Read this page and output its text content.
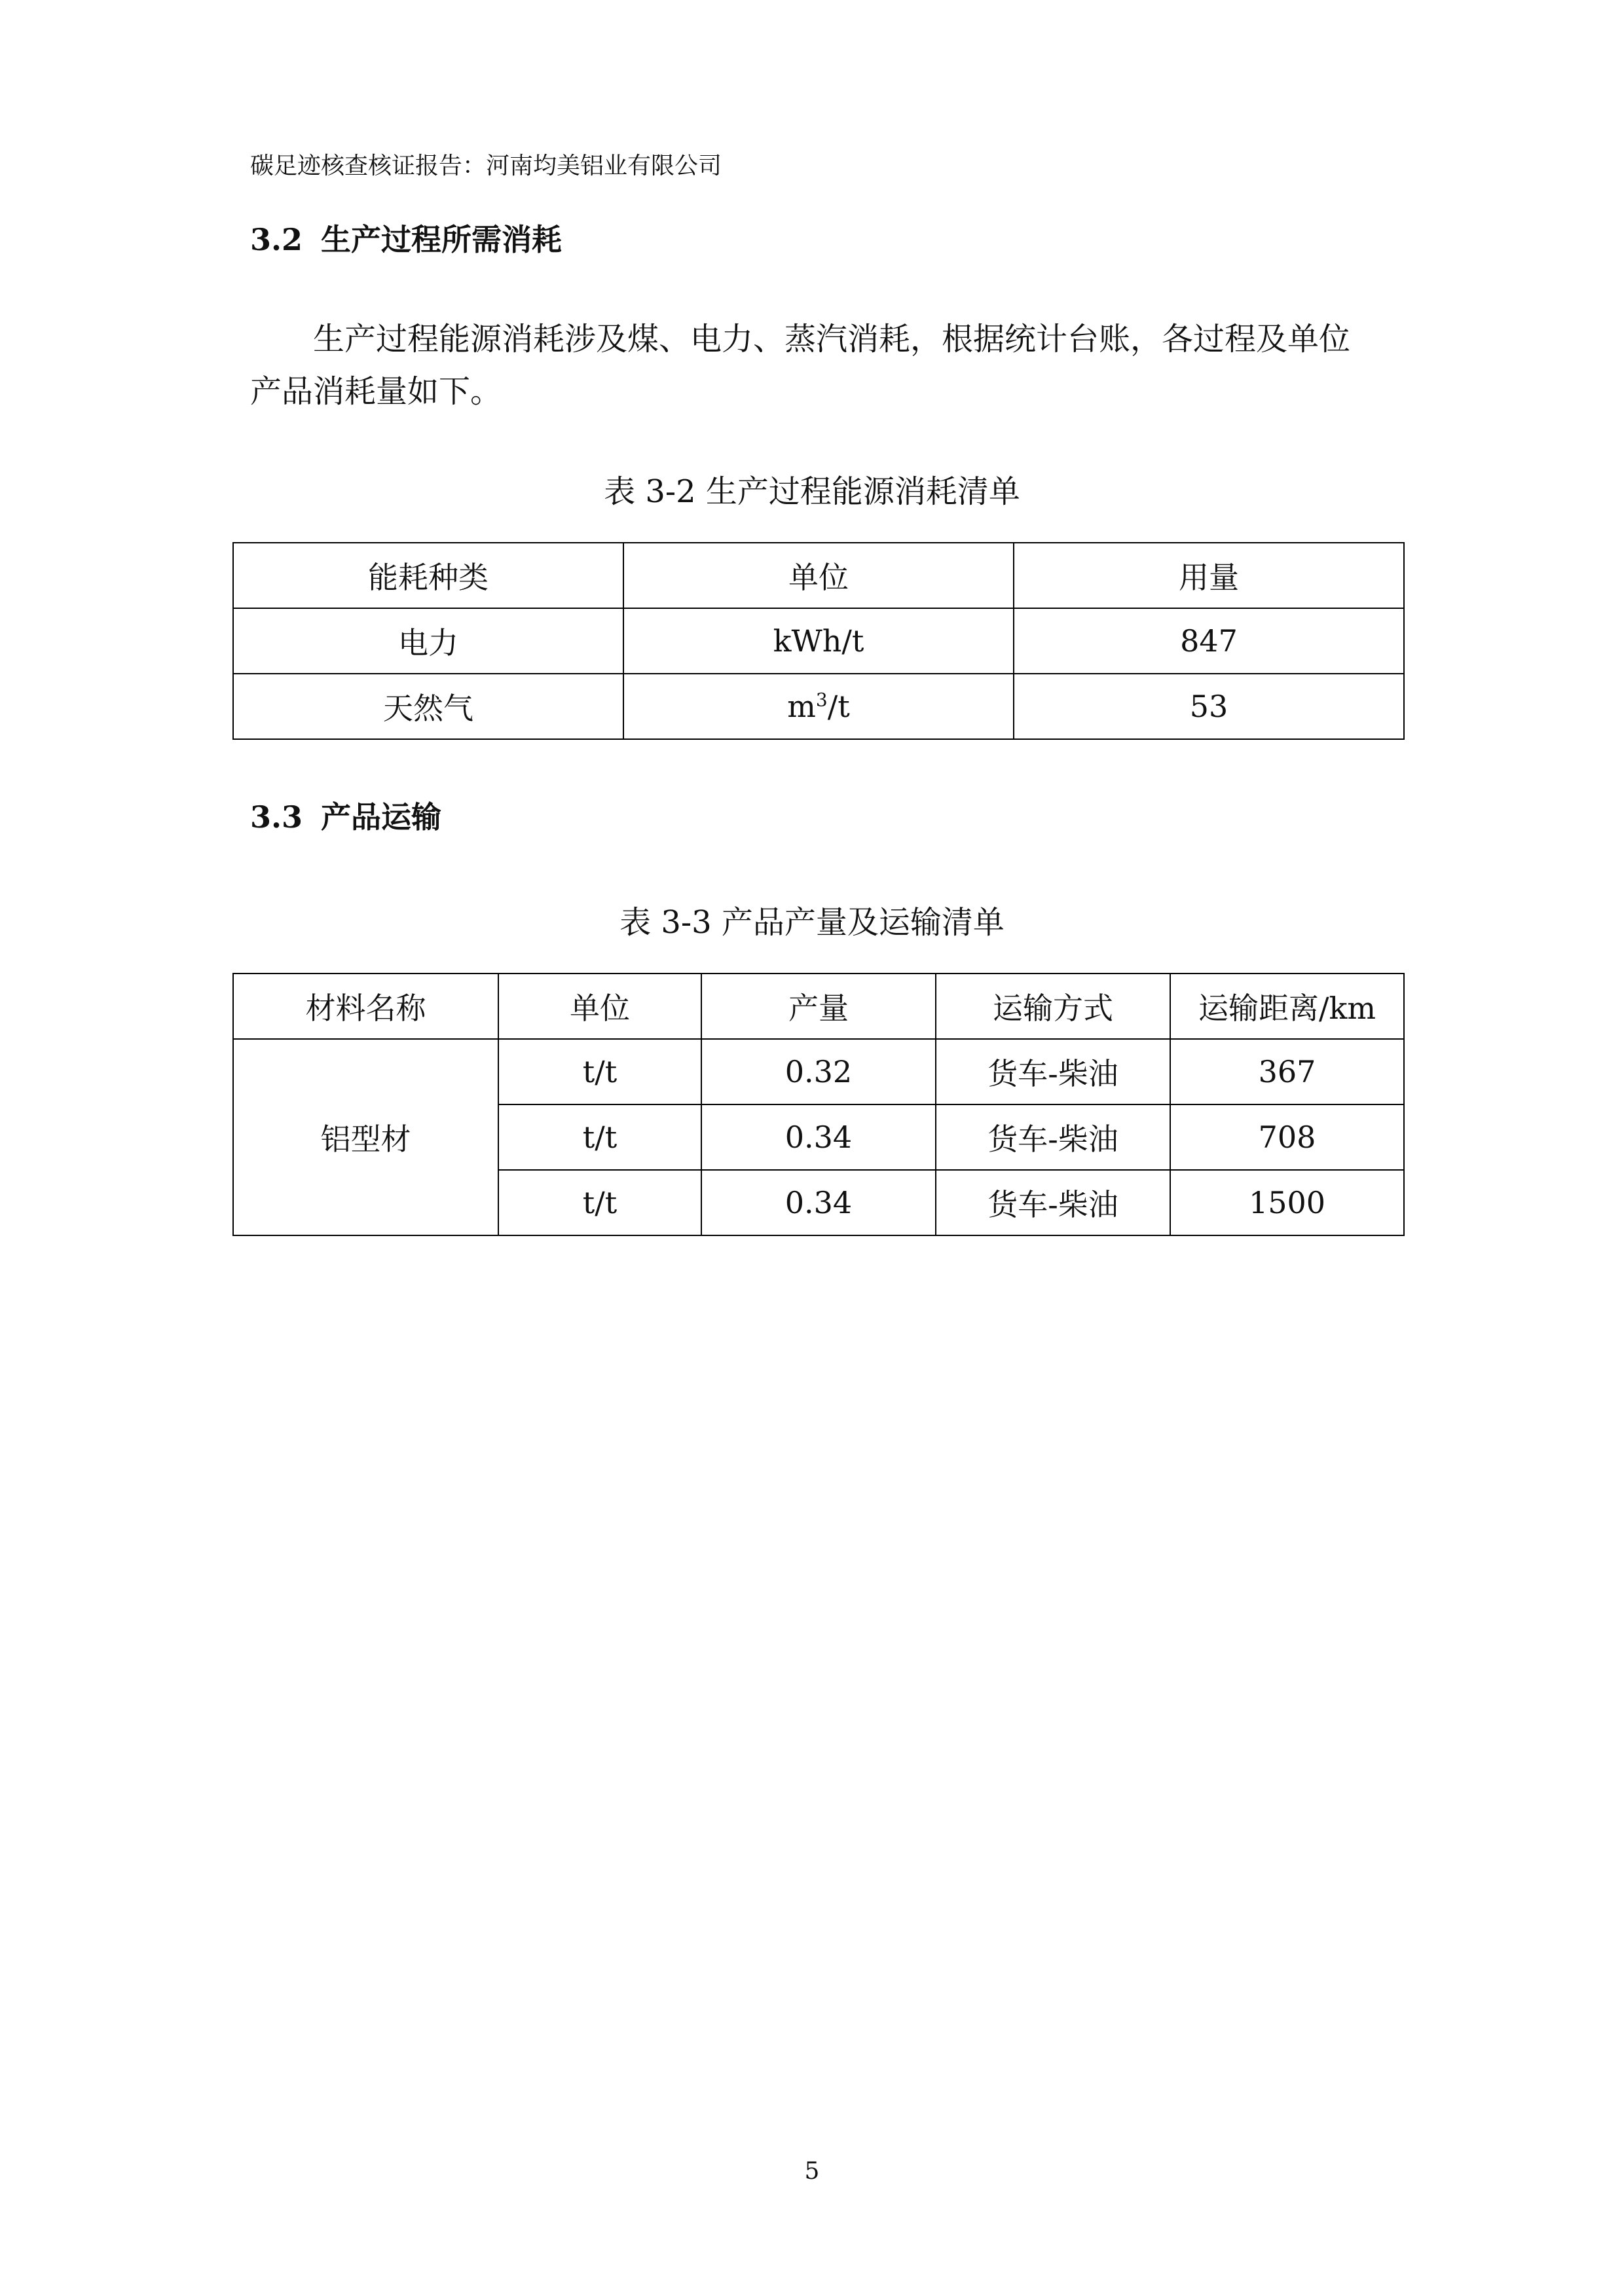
碳足迹核查核证报告：河南均美铝业有限公司
3.2 生产过程所需消耗
生产过程能源消耗涉及煤、电力、蒸汽消耗，根据统计台账，各过程及单位
产品消耗量如下。
表 3-2 生产过程能源消耗清单
能耗种类	单位	用量
电力	kWh/t	847
天然气	$m^3/t$	53
3.3 产品运输
表 3-3 产品产量及运输清单
材料名称	单位	产量	运输方式	运输距离/km
铝型材	t/t	0.32	货车-柴油	367
	t/t	0.34	货车-柴油	708
	t/t	0.34	货车-柴油	1500
5
